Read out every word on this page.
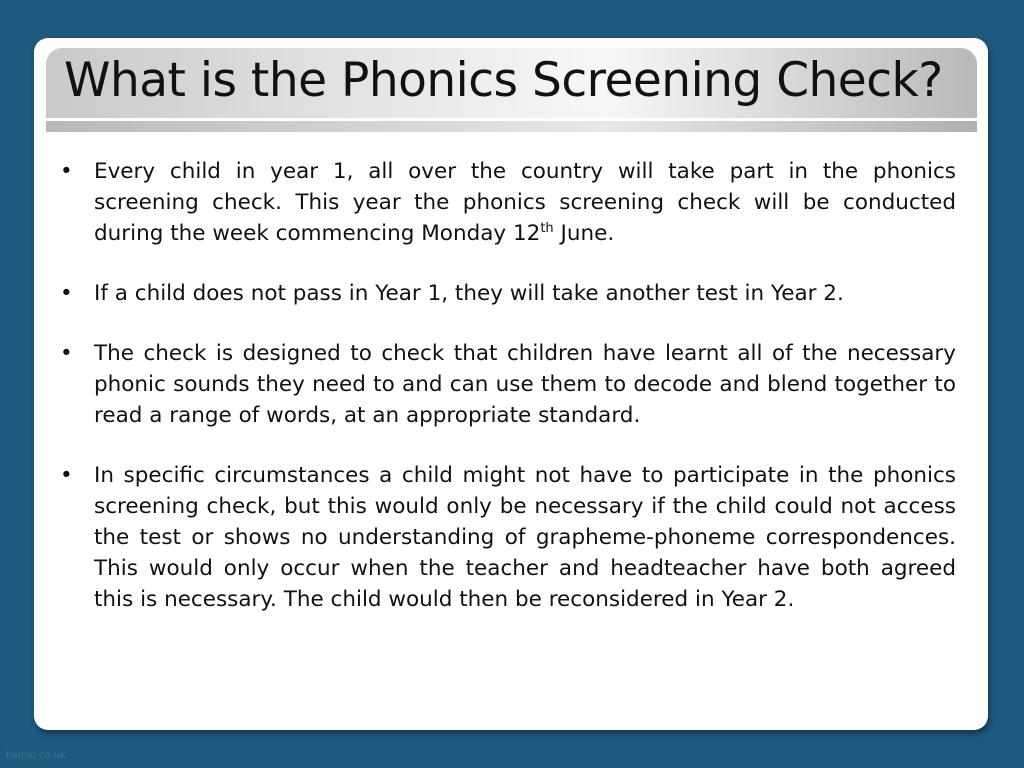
What is the Phonics Screening Check?
• Every child in year 1, all over the country will take part in the phonics screening check. This year the phonics screening check will be conducted during the week commencing Monday 12th June.
• If a child does not pass in Year 1, they will take another test in Year 2.
• The check is designed to check that children have learnt all of the necessary phonic sounds they need to and can use them to decode and blend together to read a range of words, at an appropriate standard.
• In specific circumstances a child might not have to participate in the phonics screening check, but this would only be necessary if the child could not access the test or shows no understanding of grapheme-phoneme correspondences. This would only occur when the teacher and headteacher have both agreed this is necessary. The child would then be reconsidered in Year 2.
twinkl.co.uk
